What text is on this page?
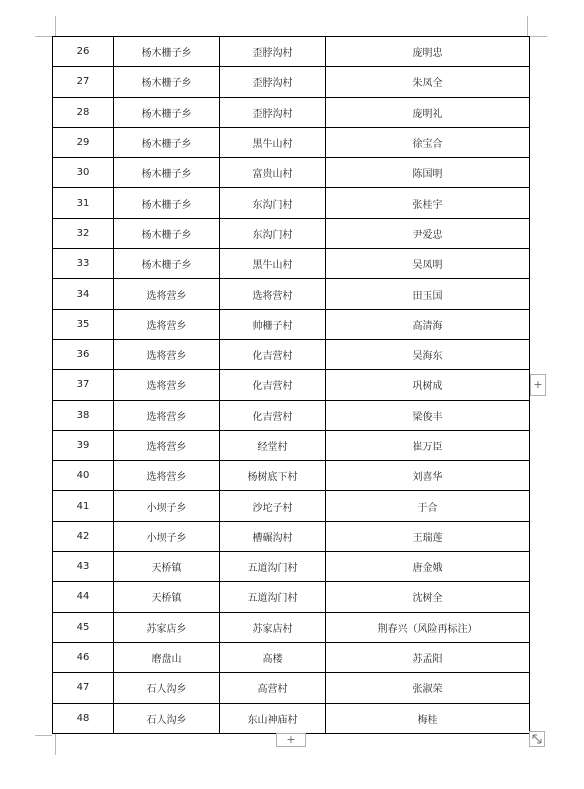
26	杨木栅子乡	歪脖沟村	庞明忠
27	杨木栅子乡	歪脖沟村	朱凤全
28	杨木栅子乡	歪脖沟村	庞明礼
29	杨木栅子乡	黑牛山村	徐宝合
30	杨木栅子乡	富贵山村	陈国明
31	杨木栅子乡	东沟门村	张桂宇
32	杨木栅子乡	东沟门村	尹爱忠
33	杨木栅子乡	黑牛山村	吴凤明
34	选将营乡	选将营村	田玉国
35	选将营乡	帅栅子村	高清海
36	选将营乡	化吉营村	吴海东
37	选将营乡	化吉营村	巩树成
38	选将营乡	化吉营村	梁俊丰
39	选将营乡	经堂村	崔万臣
40	选将营乡	杨树底下村	刘喜华
41	小坝子乡	沙坨子村	于合
42	小坝子乡	槽碾沟村	王瑞莲
43	天桥镇	五道沟门村	唐金娥
44	天桥镇	五道沟门村	沈树全
45	苏家店乡	苏家店村	荆春兴（风险再标注）
46	磨盘山	高楼	苏孟阳
47	石人沟乡	高营村	张淑荣
48	石人沟乡	东山神庙村	梅桂
+
+
